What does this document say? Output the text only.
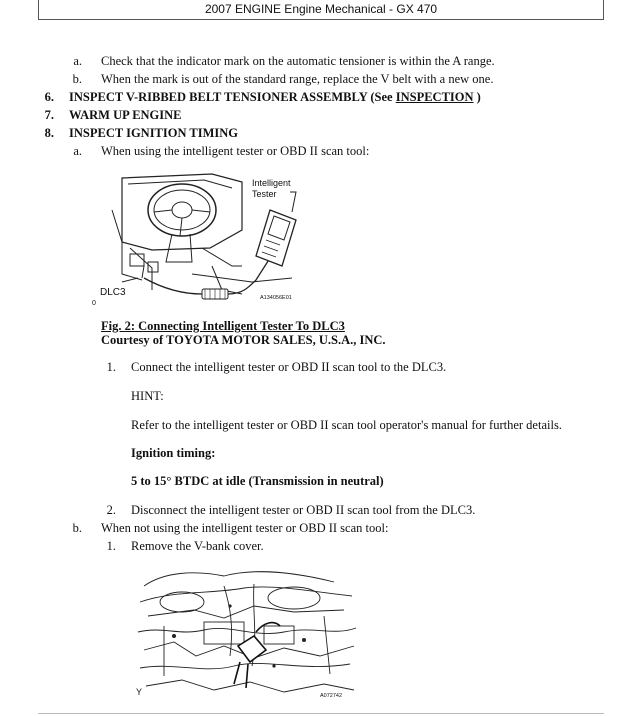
2007 ENGINE Engine Mechanical - GX 470
a. Check that the indicator mark on the automatic tensioner is within the A range.
b. When the mark is out of the standard range, replace the V belt with a new one.
6. INSPECT V-RIBBED BELT TENSIONER ASSEMBLY (See INSPECTION )
7. WARM UP ENGINE
8. INSPECT IGNITION TIMING
a. When using the intelligent tester or OBD II scan tool:
Intelligent
Tester
DLC3
0
A134056E01
Fig. 2: Connecting Intelligent Tester To DLC3
Courtesy of TOYOTA MOTOR SALES, U.S.A., INC.
1. Connect the intelligent tester or OBD II scan tool to the DLC3.
HINT:
Refer to the intelligent tester or OBD II scan tool operator's manual for further details.
Ignition timing:
5 to 15° BTDC at idle (Transmission in neutral)
2. Disconnect the intelligent tester or OBD II scan tool from the DLC3.
b. When not using the intelligent tester or OBD II scan tool:
1. Remove the V-bank cover.
Y	A072742
